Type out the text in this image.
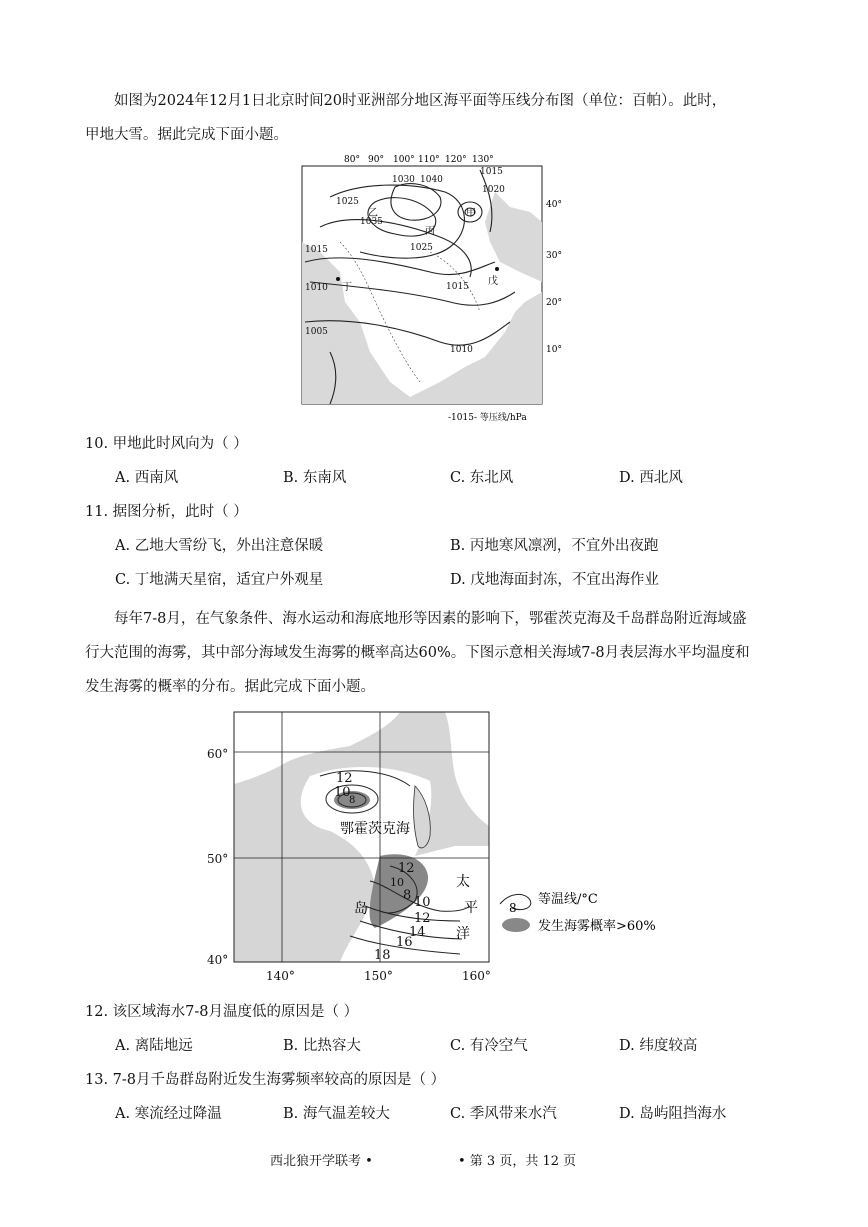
如图为2024年12月1日北京时间20时亚洲部分地区海平面等压线分布图（单位：百帕）。此时，
甲地大雪。据此完成下面小题。
80° 90° 100° 110° 120° 130°
40°
30°
20°
10°
1040
1035
1025
1030
1025
1015
1015
1010
1005
1010
1020
1015
乙
丙
丁
戊
甲
-1015- 等压线/hPa
10. 甲地此时风向为（ ）
A. 西南风	B. 东南风	C. 东北风	D. 西北风
11. 据图分析，此时（ ）
A. 乙地大雪纷飞，外出注意保暖	B. 丙地寒风凛冽，不宜外出夜跑
C. 丁地满天星宿，适宜户外观星	D. 戊地海面封冻，不宜出海作业
每年7-8月，在气象条件、海水运动和海底地形等因素的影响下，鄂霍茨克海及千岛群岛附近海域盛
行大范围的海雾，其中部分海域发生海雾的概率高达60%。下图示意相关海域7-8月表层海水平均温度和
发生海雾的概率的分布。据此完成下面小题。
12
10
8
12
10
8 10
12
14
16
18
鄂霍茨克海
岛
太
平
洋
60°
50°
40°
140°	150°	160°
8
等温线/°C
发生海雾概率>60%
12. 该区域海水7-8月温度低的原因是（ ）
A. 离陆地远	B. 比热容大	C. 有冷空气	D. 纬度较高
13. 7-8月千岛群岛附近发生海雾频率较高的原因是（ ）
A. 寒流经过降温	B. 海气温差较大	C. 季风带来水汽	D. 岛屿阻挡海水
西北狼开学联考 •	• 第 3 页，共 12 页
